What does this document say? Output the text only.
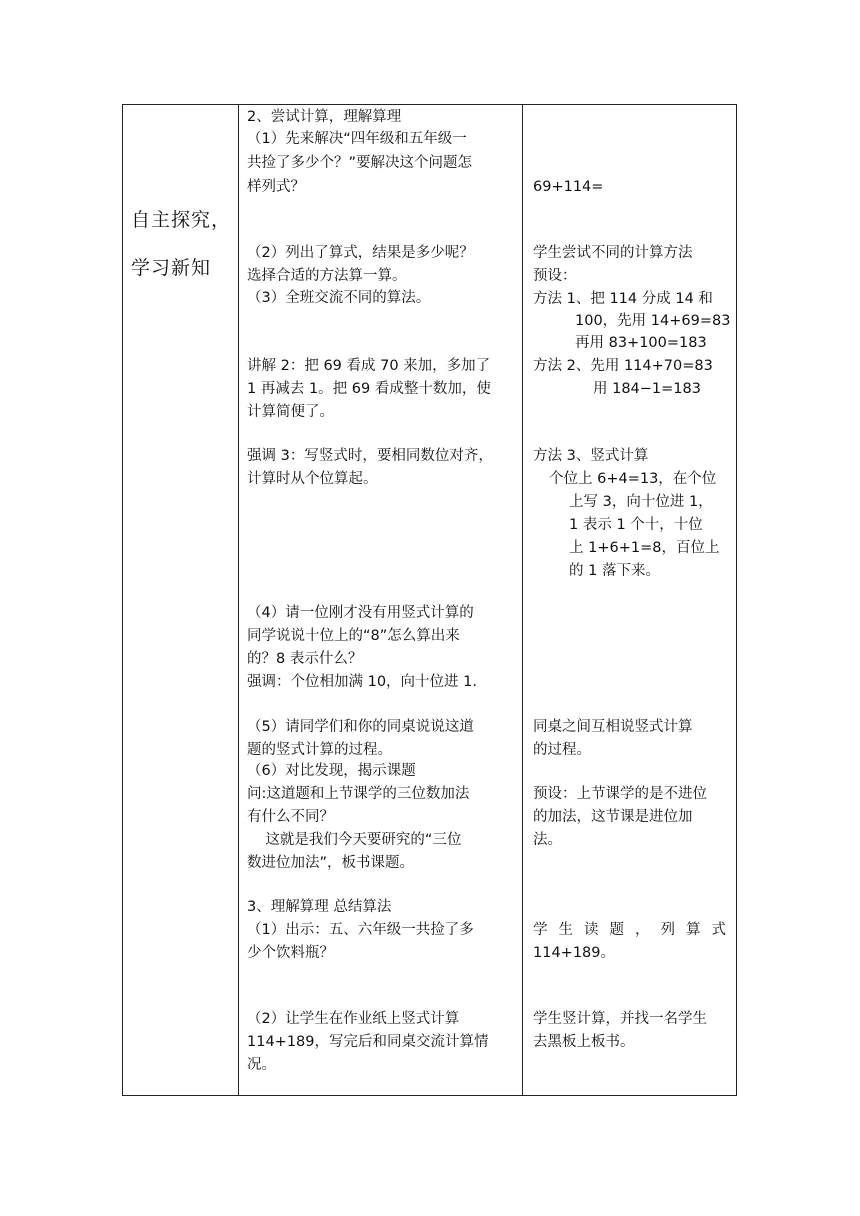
自主探究，
学习新知
2、尝试计算，理解算理
（1）先来解决“四年级和五年级一
共捡了多少个？”要解决这个问题怎
样列式？
（2）列出了算式，结果是多少呢？
选择合适的方法算一算。
（3）全班交流不同的算法。
讲解 2：把 69 看成 70 来加，多加了
1 再减去 1。把 69 看成整十数加，使
计算简便了。
强调 3：写竖式时，要相同数位对齐，
计算时从个位算起。
（4）请一位刚才没有用竖式计算的
同学说说十位上的“8”怎么算出来
的？8 表示什么？
强调：个位相加满 10，向十位进 1.
（5）请同学们和你的同桌说说这道
题的竖式计算的过程。
（6）对比发现，揭示课题
问:这道题和上节课学的三位数加法
有什么不同？
这就是我们今天要研究的“三位
数进位加法”，板书课题。
3、理解算理 总结算法
（1）出示：五、六年级一共捡了多
少个饮料瓶？
（2）让学生在作业纸上竖式计算
114+189，写完后和同桌交流计算情
况。
69+114=
学生尝试不同的计算方法
预设：
方法 1、把 114 分成 14 和
100，先用 14+69=83
再用 83+100=183
方法 2、先用 114+70=83
用 184−1=183
方法 3、竖式计算
个位上 6+4=13，在个位
上写 3，向十位进 1，
1 表示 1 个十，十位
上 1+6+1=8，百位上
的 1 落下来。
同桌之间互相说竖式计算
的过程。
预设：上节课学的是不进位
的加法，这节课是进位加
法。
学生读题，列算式
114+189。
学生竖计算，并找一名学生
去黑板上板书。
